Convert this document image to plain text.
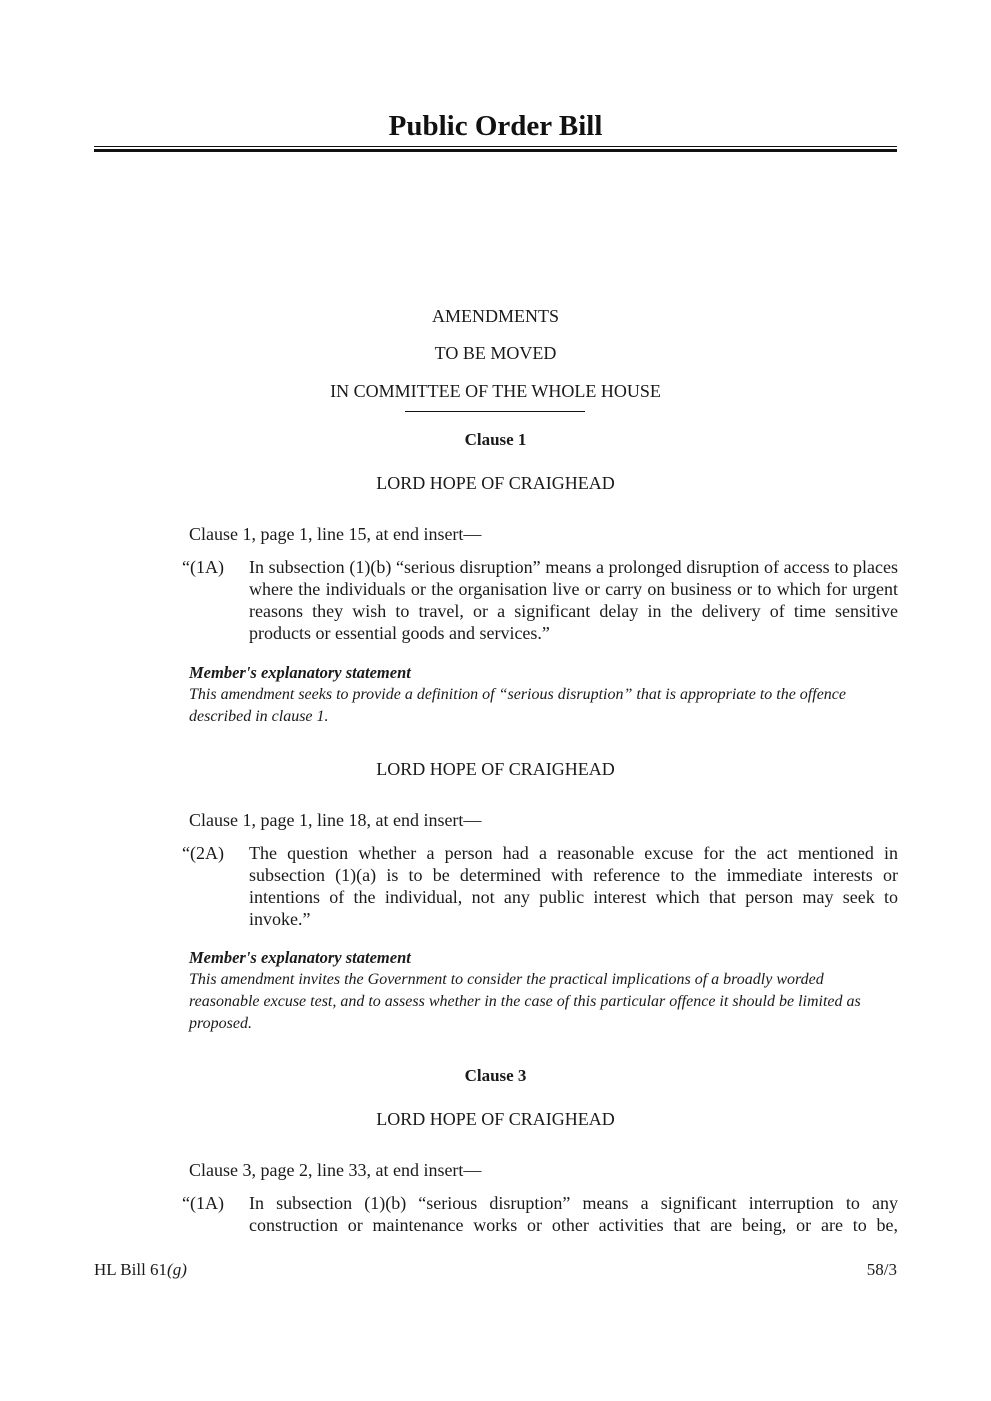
Public Order Bill
AMENDMENTS
TO BE MOVED
IN COMMITTEE OF THE WHOLE HOUSE
Clause 1
LORD HOPE OF CRAIGHEAD
Clause 1, page 1, line 15, at end insert—
“(1A) In subsection (1)(b) “serious disruption” means a prolonged disruption of access to places where the individuals or the organisation live or carry on business or to which for urgent reasons they wish to travel, or a significant delay in the delivery of time sensitive products or essential goods and services.”
Member's explanatory statement
This amendment seeks to provide a definition of “serious disruption” that is appropriate to the offence described in clause 1.
LORD HOPE OF CRAIGHEAD
Clause 1, page 1, line 18, at end insert—
“(2A) The question whether a person had a reasonable excuse for the act mentioned in subsection (1)(a) is to be determined with reference to the immediate interests or intentions of the individual, not any public interest which that person may seek to invoke.”
Member's explanatory statement
This amendment invites the Government to consider the practical implications of a broadly worded reasonable excuse test, and to assess whether in the case of this particular offence it should be limited as proposed.
Clause 3
LORD HOPE OF CRAIGHEAD
Clause 3, page 2, line 33, at end insert—
“(1A) In subsection (1)(b) “serious disruption” means a significant interruption to any construction or maintenance works or other activities that are being, or are to be,
HL Bill 61(g)	58/3
